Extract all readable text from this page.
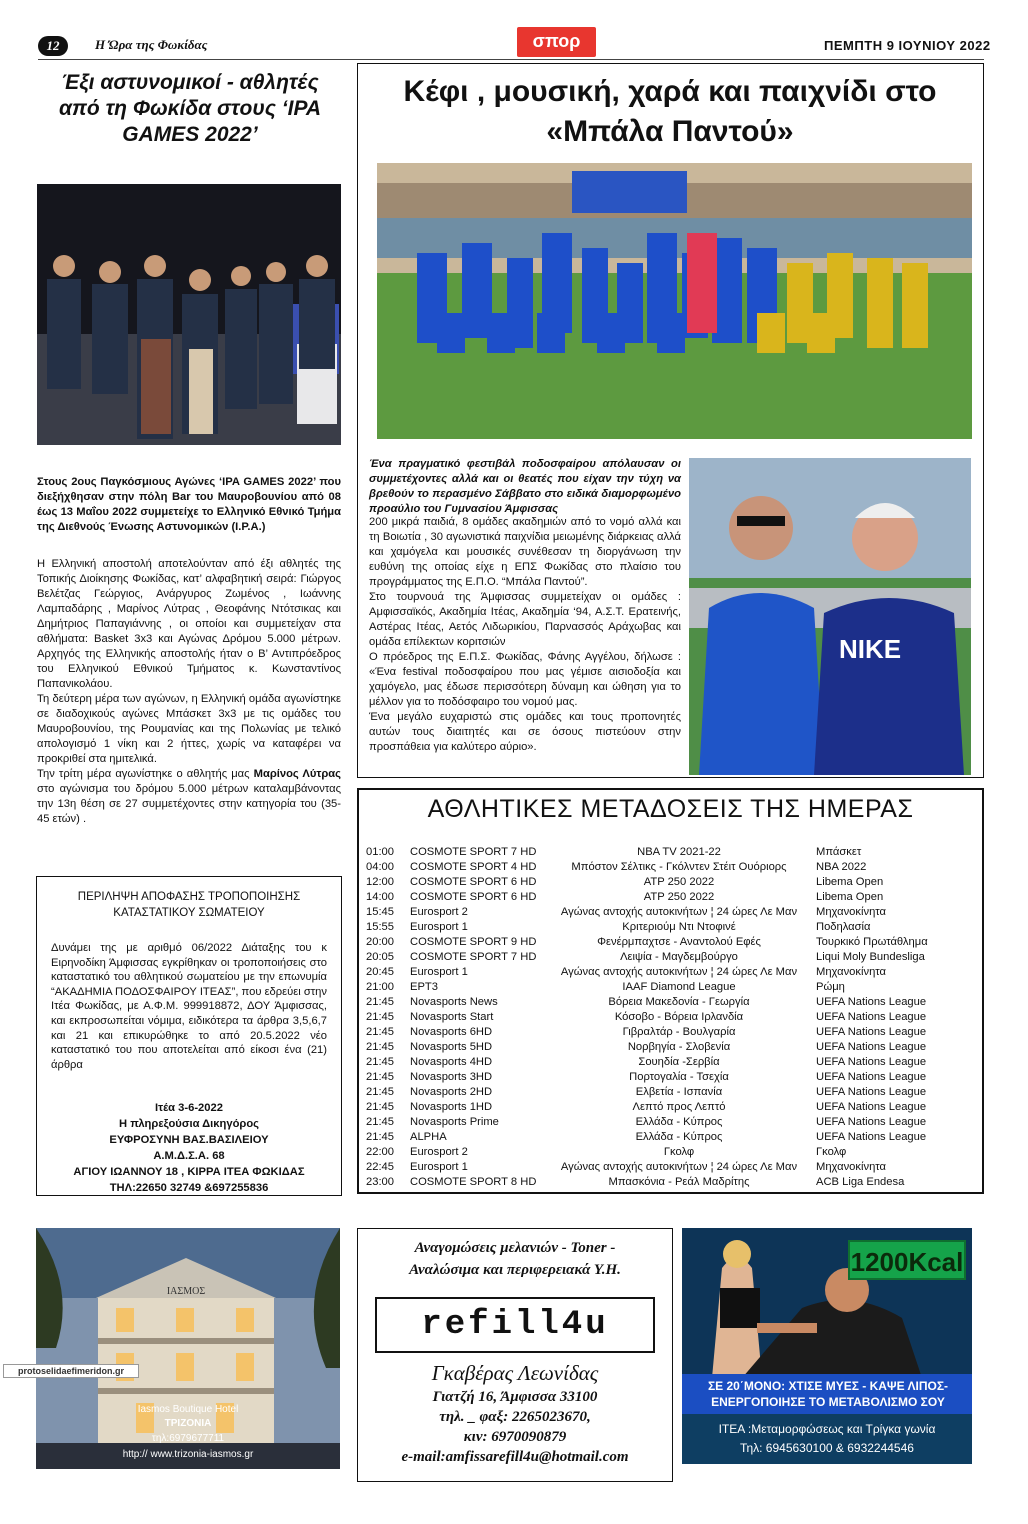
12	Η Ώρα της Φωκίδας	σπορ	ΠΕΜΠΤΗ 9 ΙΟΥΝΙΟΥ 2022
Έξι αστυνομικοί - αθλητές από τη Φωκίδα στους ‘IPA GAMES 2022’
Στους 2ους Παγκόσμιους Αγώνες ‘IPA GAMES 2022’ που διεξήχθησαν στην πόλη Bar του Μαυροβουνίου από 08 έως 13 Μαΐου 2022 συμμετείχε το Ελληνικό Εθνικό Τμήμα της Διεθνούς Ένωσης Αστυνομικών (I.P.A.)

Η Ελληνική αποστολή αποτελούνταν από έξι αθλητές της Τοπικής Διοίκησης Φωκίδας, κατ’ αλφαβητική σειρά: Γιώργος Βελέτζας Γεώργιος, Ανάργυρος Ζωμένος , Ιωάννης Λαμπαδάρης , Μαρίνος Λύτρας , Θεοφάνης Ντότσικας και Δημήτριος Παπαγιάννης , οι οποίοι και συμμετείχαν στα αθλήματα: Basket 3x3 και Αγώνας Δρόμου 5.000 μέτρων. Αρχηγός της Ελληνικής αποστολής ήταν ο Β’ Αντιπρόεδρος του Ελληνικού Εθνικού Τμήματος κ. Κωνσταντίνος Παπανικολάου.

Τη δεύτερη μέρα των αγώνων, η Ελληνική ομάδα αγωνίστηκε σε διαδοχικούς αγώνες Μπάσκετ 3x3 με τις ομάδες του Μαυροβουνίου, της Ρουμανίας και της Πολωνίας με τελικό απολογισμό 1 νίκη και 2 ήττες, χωρίς να καταφέρει να προκριθεί στα ημιτελικά.

Την τρίτη μέρα αγωνίστηκε ο αθλητής μας Μαρίνος Λύτρας στο αγώνισμα του δρόμου 5.000 μέτρων καταλαμβάνοντας την 13η θέση σε 27 συμμετέχοντες στην κατηγορία του (35-45 ετών) .

ΠΕΡΙΛΗΨΗ ΑΠΟΦΑΣΗΣ ΤΡΟΠΟΠΟΙΗΣΗΣ
ΚΑΤΑΣΤΑΤΙΚΟΥ ΣΩΜΑΤΕΙΟΥ
Δυνάμει της με αριθμό 06/2022 Διάταξης του κ Ειρηνοδίκη Άμφισσας εγκρίθηκαν οι τροποποιήσεις στο καταστατικό του αθλητικού σωματείου με την επωνυμία “ΑΚΑΔΗΜΙΑ ΠΟΔΟΣΦΑΙΡΟΥ ΙΤΕΑΣ”, που εδρεύει στην Ιτέα Φωκίδας, με Α.Φ.Μ. 999918872, ΔΟΥ Άμφισσας, και εκπροσωπείται νόμιμα, ειδικότερα τα άρθρα 3,5,6,7 και 21 και επικυρώθηκε το από 20.5.2022 νέο καταστατικό του που αποτελείται από είκοσι ένα (21) άρθρα
Ιτέα 3-6-2022
Η πληρεξούσια Δικηγόρος
ΕΥΦΡΟΣΥΝΗ ΒΑΣ.ΒΑΣΙΛΕΙΟΥ
Α.Μ.Δ.Σ.Α. 68
ΑΓΙΟΥ ΙΩΑΝΝΟΥ 18 , ΚΙΡΡΑ ΙΤΕΑ ΦΩΚΙΔΑΣ
ΤΗΛ:22650 32749 &697255836
Κέφι , μουσική, χαρά και παιχνίδι στο «Μπάλα Παντού»
Ένα πραγματικό φεστιβάλ ποδοσφαίρου απόλαυσαν οι συμμετέχοντες αλλά και οι θεατές που είχαν την τύχη να βρεθούν το περασμένο Σάββατο στο ειδικά διαμορφωμένο προαύλιο του Γυμνασίου Άμφισσας

200 μικρά παιδιά, 8 ομάδες ακαδημιών από το νομό αλλά και τη Βοιωτία , 30 αγωνιστικά παιχνίδια μειωμένης διάρκειας αλλά και χαμόγελα και μουσικές συνέθεσαν τη διοργάνωση την ευθύνη της οποίας είχε η ΕΠΣ Φωκίδας στο πλαίσιο του προγράμματος της Ε.Π.Ο. “Μπάλα Παντού”.

Στο τουρνουά της Άμφισσας συμμετείχαν οι ομάδες : Αμφισσαϊκός, Ακαδημία Ιτέας, Ακαδημία ‘94, Α.Σ.Τ. Ερατεινής, Αστέρας Ιτέας, Αετός Λιδωρικίου, Παρνασσός Αράχωβας και ομάδα επίλεκτων κοριτσιών

Ο πρόεδρος της Ε.Π.Σ. Φωκίδας, Φάνης Αγγέλου, δήλωσε : «Ένα festival ποδοσφαίρου που μας γέμισε αισιοδοξία και χαμόγελο, μας έδωσε περισσότερη δύναμη και ώθηση για το μέλλον για το ποδόσφαιρο του νομού μας.

Ένα μεγάλο ευχαριστώ στις ομάδες και τους προπονητές αυτών τους διαιτητές και σε όσους πιστεύουν στην προσπάθεια για καλύτερο αύριο».

NIKE
ΑΘΛΗΤΙΚΕΣ ΜΕΤΑΔΟΣΕΙΣ ΤΗΣ ΗΜΕΡΑΣ
01:00 COSMOTE SPORT 7 HD	NBA TV 2021-22	Μπάσκετ
04:00 COSMOTE SPORT 4 HD	Μπόστον Σέλτικς - Γκόλντεν Στέιτ Ουόριορς	NBA 2022
12:00 COSMOTE SPORT 6 HD	ATP 250 2022	Libema Open
14:00 COSMOTE SPORT 6 HD	ATP 250 2022	Libema Open
15:45 Eurosport 2	Αγώνας αντοχής αυτοκινήτων ¦ 24 ώρες Λε Μαν	Μηχανοκίνητα
15:55 Eurosport 1	Κριτεριούμ Ντι Ντοφινέ	Ποδηλασία
20:00 COSMOTE SPORT 9 HD	Φενέρμπαχτσε - Αναντολού Εφές	Τουρκικό Πρωτάθλημα
20:05 COSMOTE SPORT 7 HD	Λειψία - Μαγδεμβούργο	Liqui Moly Bundesliga
20:45 Eurosport 1	Αγώνας αντοχής αυτοκινήτων ¦ 24 ώρες Λε Μαν	Μηχανοκίνητα
21:00 EPT3	IAAF Diamond League	Ρώμη
21:45 Novasports News	Βόρεια Μακεδονία - Γεωργία	UEFA Nations League
21:45 Novasports Start	Κόσοβο - Βόρεια Ιρλανδία	UEFA Nations League
21:45 Novasports 6HD	Γιβραλτάρ - Βουλγαρία	UEFA Nations League
21:45 Novasports 5HD	Νορβηγία - Σλοβενία	UEFA Nations League
21:45 Novasports 4HD	Σουηδία -Σερβία	UEFA Nations League
21:45 Novasports 3HD	Πορτογαλία - Τσεχία	UEFA Nations League
21:45 Novasports 2HD	Ελβετία - Ισπανία	UEFA Nations League
21:45 Novasports 1HD	Λεπτό προς Λεπτό	UEFA Nations League
21:45 Novasports Prime	Ελλάδα - Κύπρος	UEFA Nations League
21:45 ALPHA	Ελλάδα - Κύπρος	UEFA Nations League
22:00 Eurosport 2	Γκολφ	Γκολφ
22:45 Eurosport 1	Αγώνας αντοχής αυτοκινήτων ¦ 24 ώρες Λε Μαν	Μηχανοκίνητα
23:00 COSMOTE SPORT 8 HD	Μπασκόνια - Ρεάλ Μαδρίτης	ACB Liga Endesa
ΙΑΣΜΟΣ
Iasmos Boutique Hotel
ΤΡΙΖΟΝΙΑ
τηλ:6979677711
http:// www.trizonia-iasmos.gr
Αναγομώσεις μελανιών - Toner -
Αναλώσιμα και περιφερειακά Υ.Η.
refill4u
Γκαβέρας Λεωνίδας
Γιατζή 16, Άμφισσα 33100
τηλ. _ φαξ: 2265023670,
κιν: 6970090879
e-mail:amfissarefill4u@hotmail.com
1200Kcal
ΣΕ 20΄ΜΟΝΟ: ΧΤΙΣΕ ΜΥΕΣ - ΚΑΨΕ ΛΙΠΟΣ-
ΕΝΕΡΓΟΠΟΙΗΣΕ ΤΟ ΜΕΤΑΒΟΛΙΣΜΟ ΣΟΥ
ΙΤΕΑ :Μεταμορφώσεως και Τρίγκα γωνία
Τηλ: 6945630100 & 6932244546
protoselidaefimeridon.gr
